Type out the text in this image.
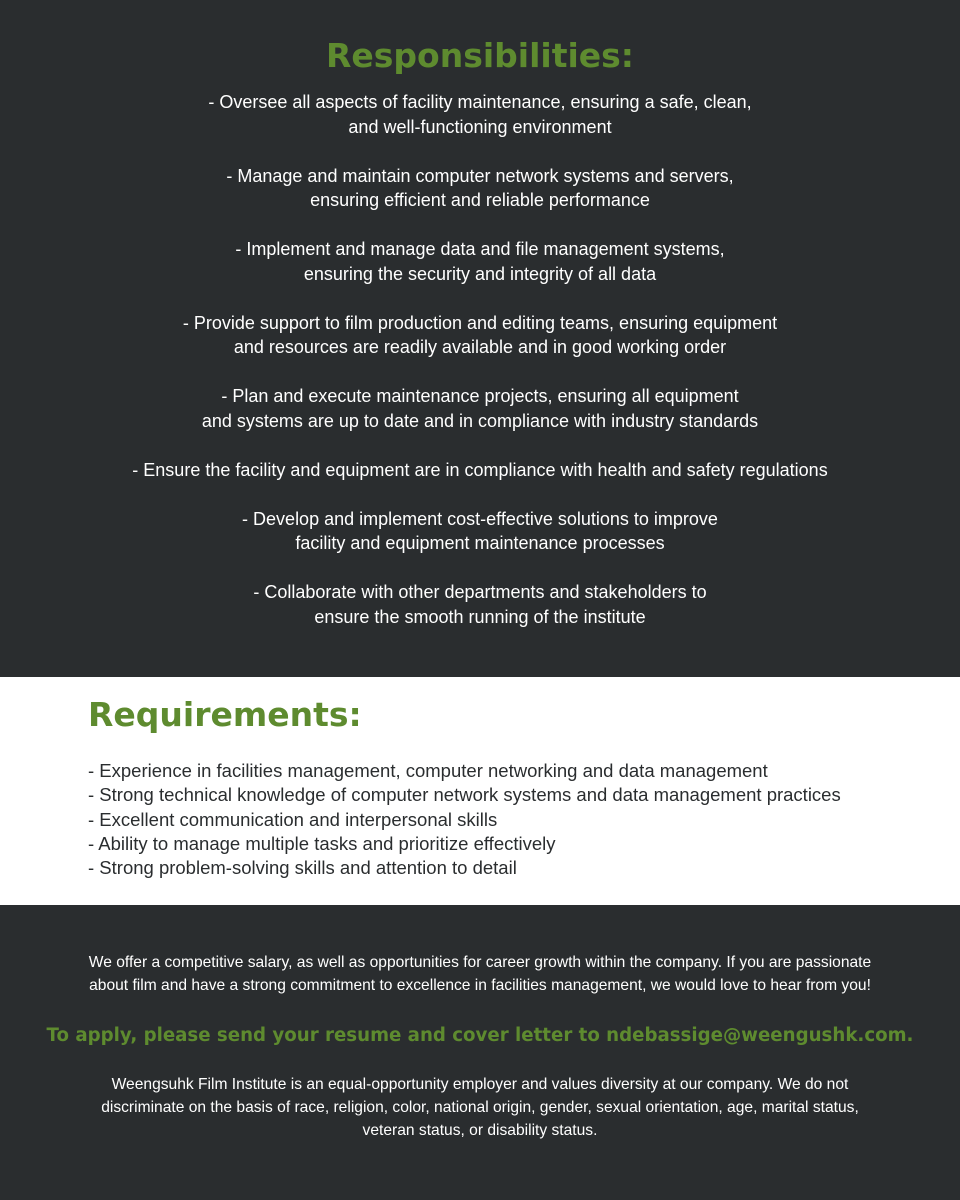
Responsibilities:

- Oversee all aspects of facility maintenance, ensuring a safe, clean,
and well-functioning environment

- Manage and maintain computer network systems and servers,
ensuring efficient and reliable performance

- Implement and manage data and file management systems,
ensuring the security and integrity of all data

- Provide support to film production and editing teams, ensuring equipment
and resources are readily available and in good working order

- Plan and execute maintenance projects, ensuring all equipment
and systems are up to date and in compliance with industry standards

- Ensure the facility and equipment are in compliance with health and safety regulations

- Develop and implement cost-effective solutions to improve
facility and equipment maintenance processes

- Collaborate with other departments and stakeholders to
ensure the smooth running of the institute

Requirements:

- Experience in facilities management, computer networking and data management

- Strong technical knowledge of computer network systems and data management practices

- Excellent communication and interpersonal skills

- Ability to manage multiple tasks and prioritize effectively

- Strong problem-solving skills and attention to detail

We offer a competitive salary, as well as opportunities for career growth within the company. If you are passionate
about film and have a strong commitment to excellence in facilities management, we would love to hear from you!

To apply, please send your resume and cover letter to ndebassige@weengushk.com.

Weengsuhk Film Institute is an equal-opportunity employer and values diversity at our company. We do not
discriminate on the basis of race, religion, color, national origin, gender, sexual orientation, age, marital status,
veteran status, or disability status.
